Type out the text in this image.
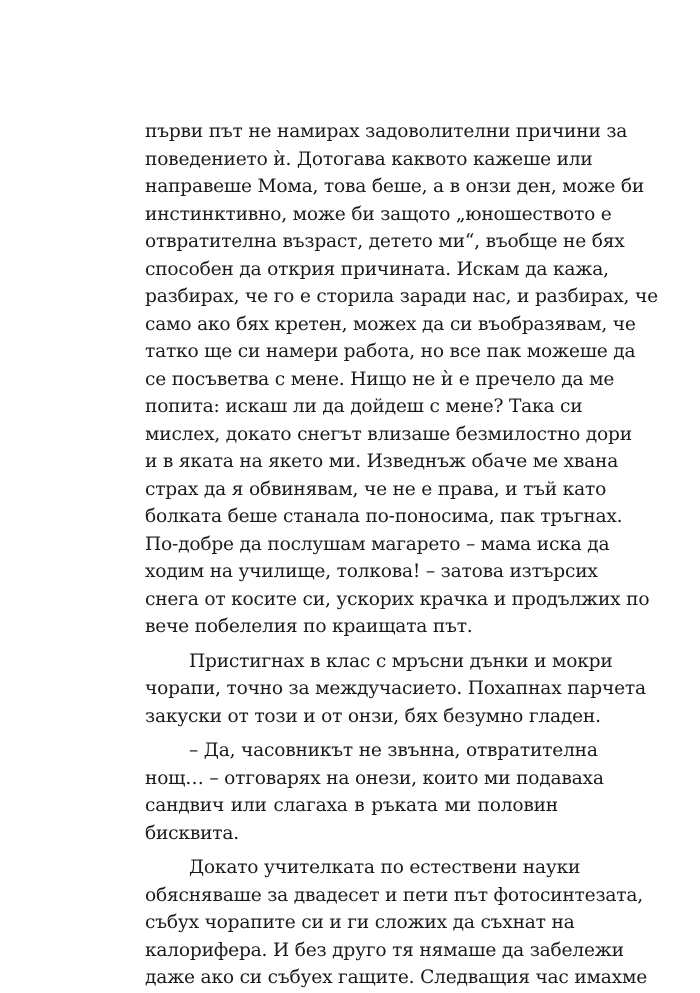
първи път не намирах задоволителни причини за
поведението ѝ. Дотогава каквото кажеше или
направеше Мома, това беше, а в онзи ден, може би
инстинктивно, може би защото „юношеството е
отвратителна възраст, детето ми“, въобще не бях
способен да открия причината. Искам да кажа,
разбирах, че го е сторила заради нас, и разбирах, че
само ако бях кретен, можех да си въобразявам, че
татко ще си намери работа, но все пак можеше да
се посъветва с мене. Нищо не ѝ е пречело да ме
попита: искаш ли да дойдеш с мене? Така си
мислех, докато снегът влизаше безмилостно дори
и в яката на якето ми. Изведнъж обаче ме хвана
страх да я обвинявам, че не е права, и тъй като
болката беше станала по-поносима, пак тръгнах.
По-добре да послушам магарето – мама иска да
ходим на училище, толкова! – затова изтърсих
снега от косите си, ускорих крачка и продължих по
вече побелелия по краищата път.
Пристигнах в клас с мръсни дънки и мокри
чорапи, точно за междучасието. Похапнах парчета
закуски от този и от онзи, бях безумно гладен.
– Да, часовникът не звънна, отвратителна
нощ… – отговарях на онези, които ми подаваха
сандвич или слагаха в ръката ми половин
бисквита.
Докато учителката по естествени науки
обясняваше за двадесет и пети път фотосинтезата,
събух чорапите си и ги сложих да съхнат на
калорифера. И без друго тя нямаше да забележи
даже ако си събуех гащите. Следващия час имахме
